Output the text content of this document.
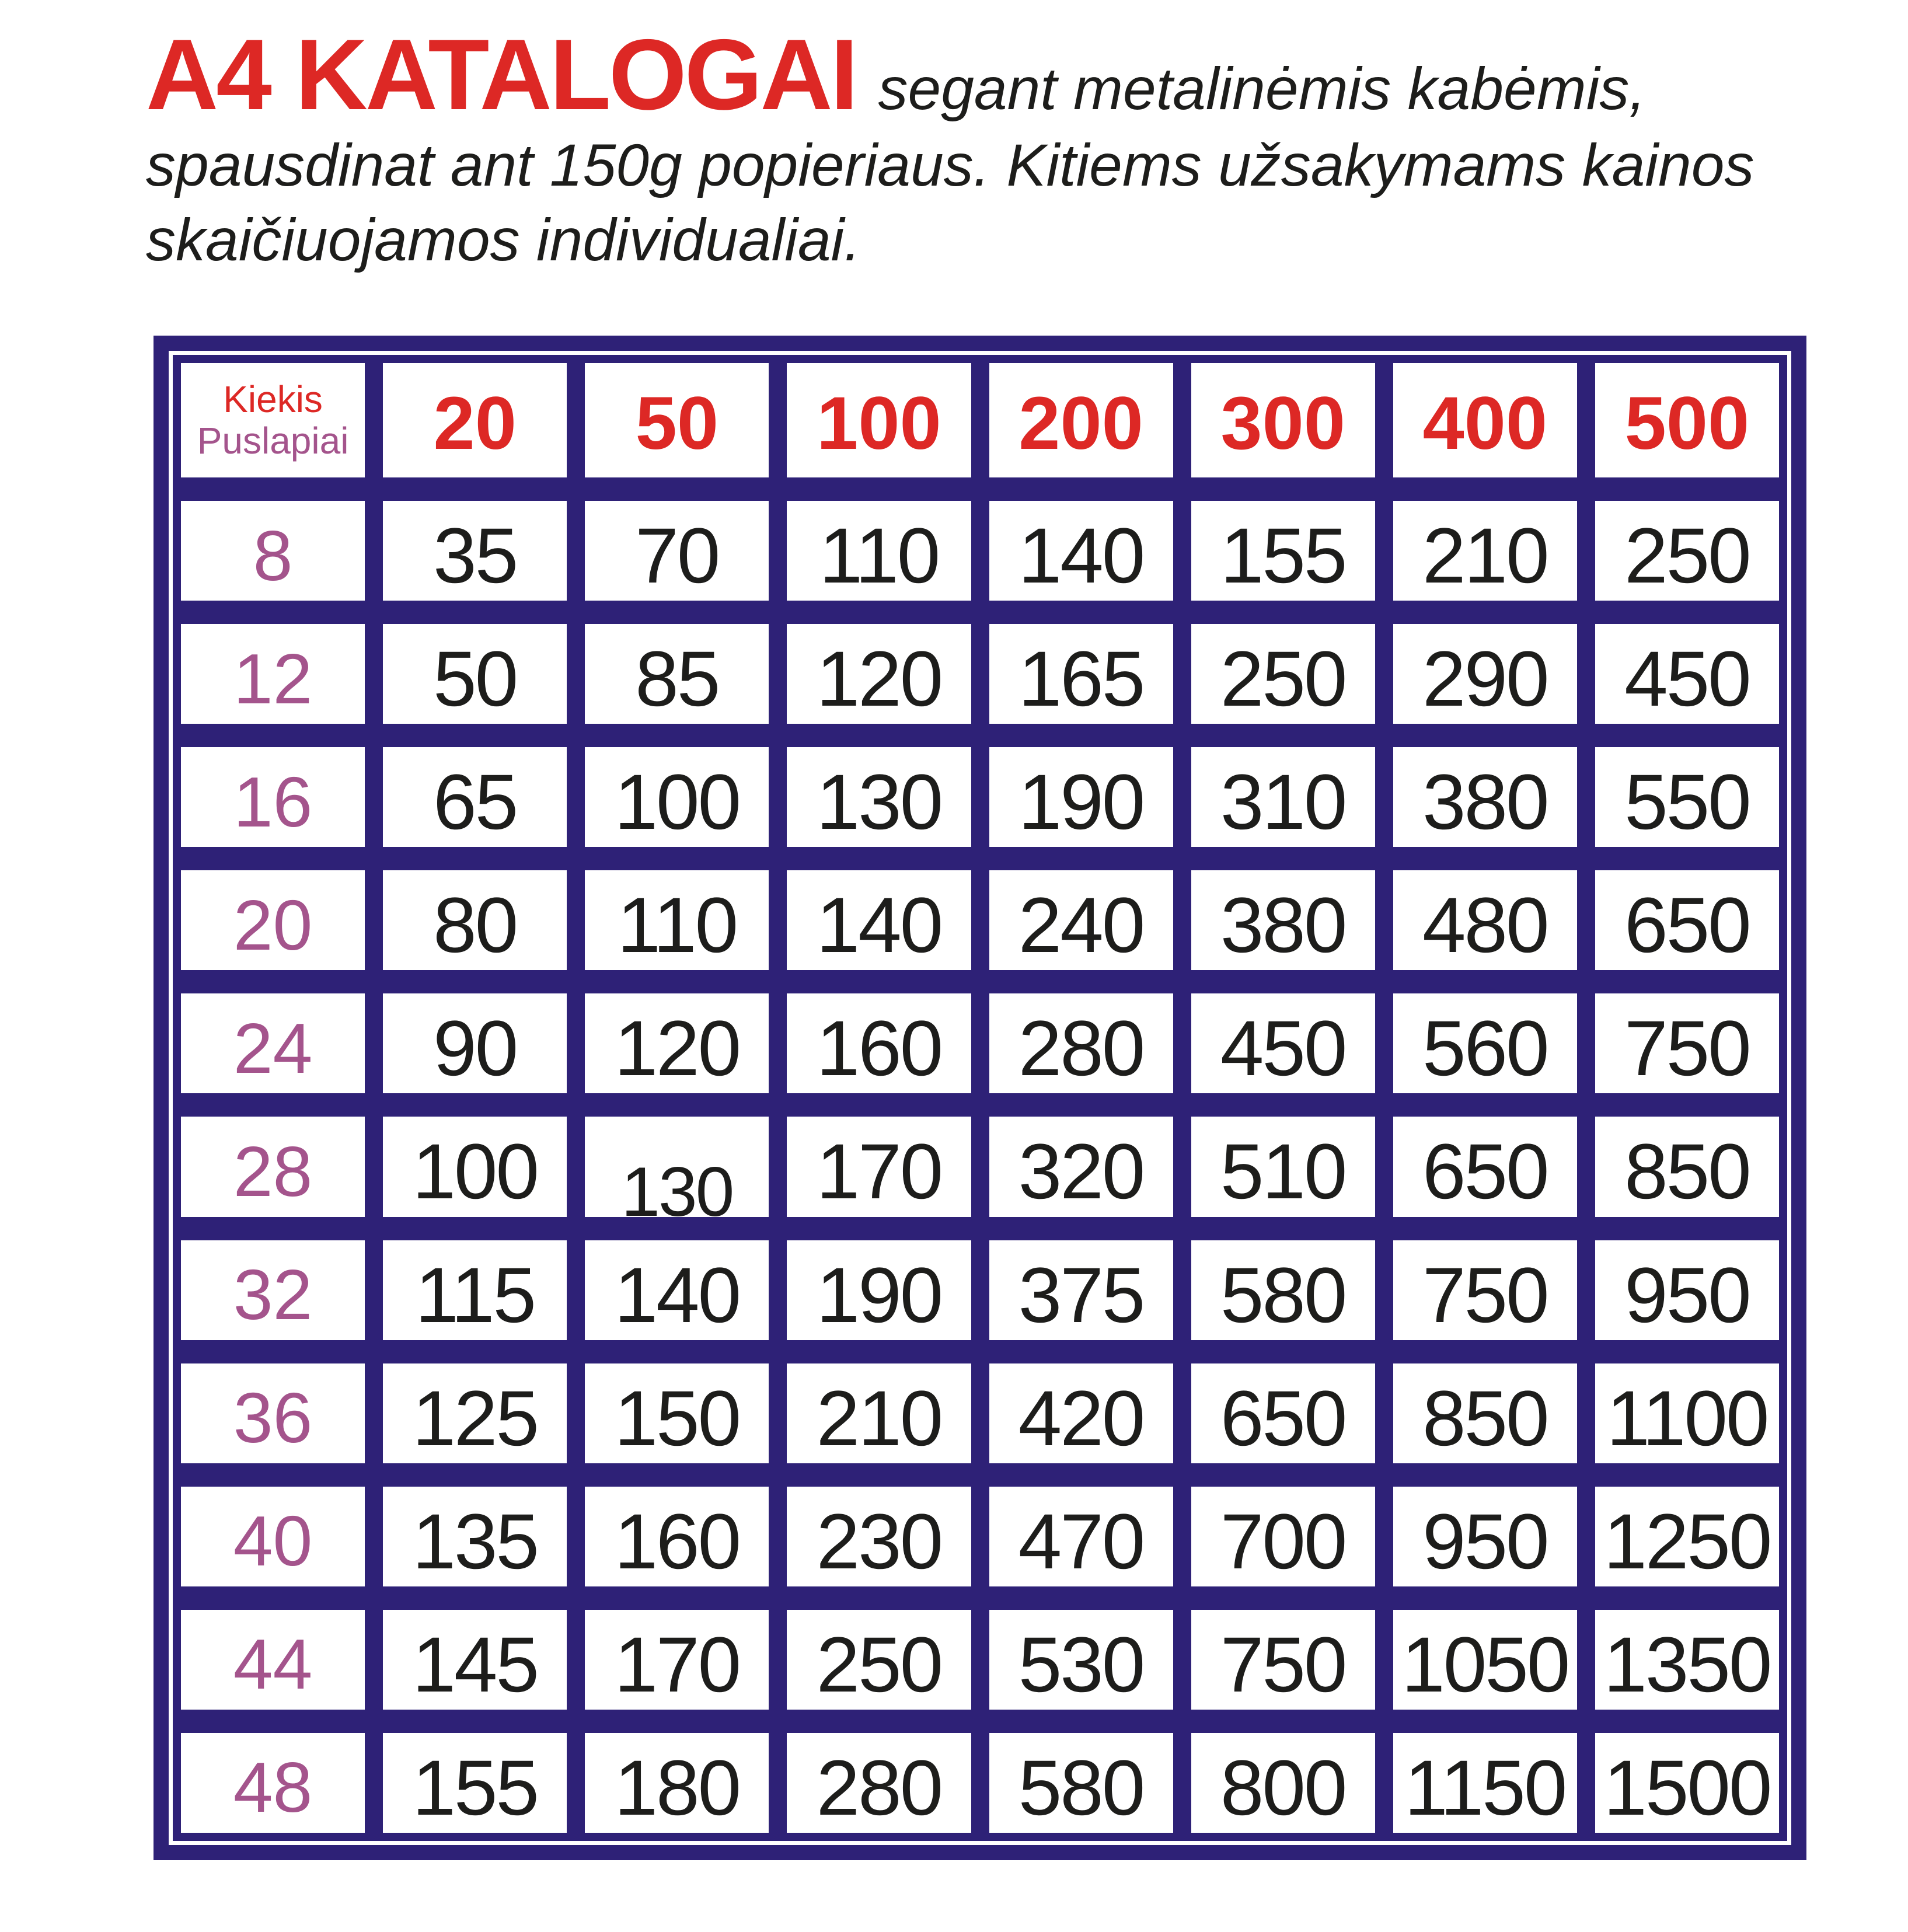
A4 KATALOGAI segant metalinėmis kabėmis,
spausdinat ant 150g popieriaus. Kitiems užsakymams kainos
skaičiuojamos individualiai.
Kiekis
Puslapiai 20 50 100 200 300 400 500
8 35 70 110 140 155 210 250
12 50 85 120 165 250 290 450
16 65 100 130 190 310 380 550
20 80 110 140 240 380 480 650
24 90 120 160 280 450 560 750
28 100 130 170 320 510 650 850
32 115 140 190 375 580 750 950
36 125 150 210 420 650 850 1100
40 135 160 230 470 700 950 1250
44 145 170 250 530 750 1050 1350
48 155 180 280 580 800 1150 1500
